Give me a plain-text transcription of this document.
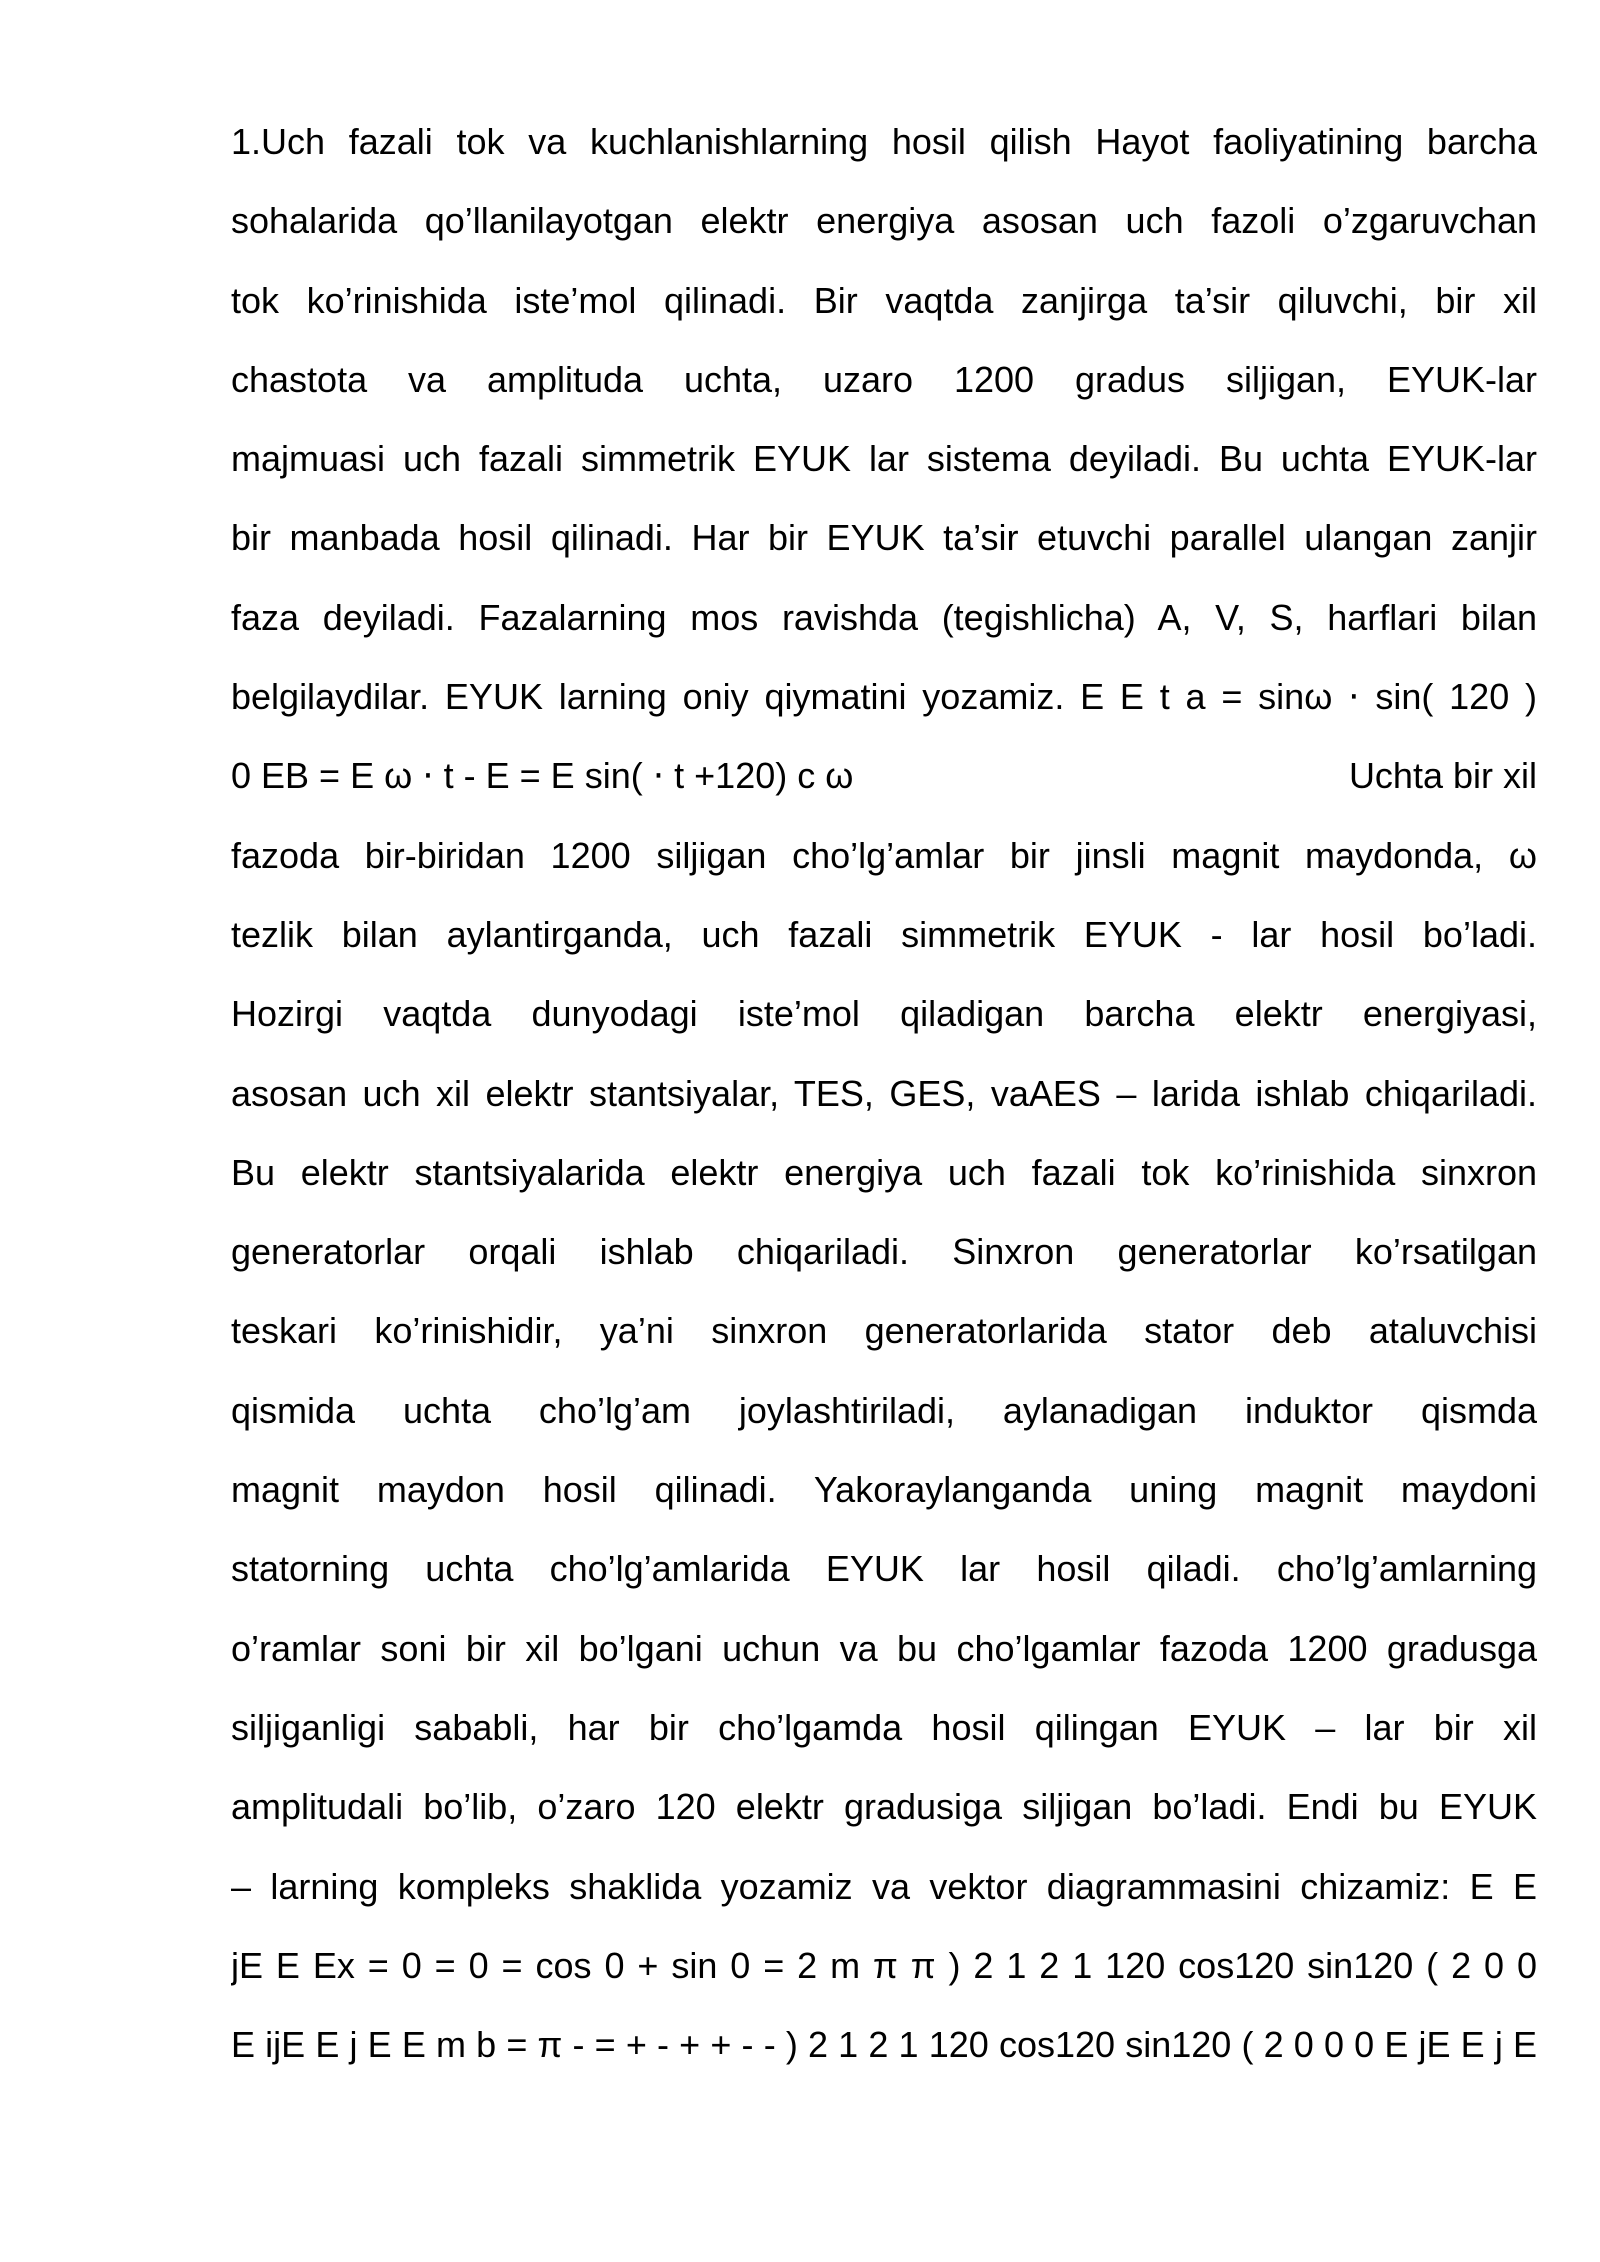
1.Uch fazali tok va kuchlanishlarning hosil qilish Hayot faoliyatining barcha
sohalarida qo’llanilayotgan elektr energiya asosan uch fazoli o’zgaruvchan
tok ko’rinishida iste’mol qilinadi. Bir vaqtda zanjirga ta’sir qiluvchi, bir xil
chastota va amplituda uchta, uzaro 1200 gradus siljigan, EYUK-lar
majmuasi uch fazali simmetrik EYUK lar sistema deyiladi. Bu uchta EYUK-lar
bir manbada hosil qilinadi. Har bir EYUK ta’sir etuvchi parallel ulangan zanjir
faza deyiladi. Fazalarning mos ravishda (tegishlicha) A, V, S, harflari bilan
belgilaydilar. EYUK larning oniy qiymatini yozamiz. E E t a = sinω ⋅ sin( 120 )
0 EB = E ω ⋅ t - E = E sin( ⋅ t +120) c ω	Uchta bir xil
fazoda bir-biridan 1200 siljigan cho’lg’amlar bir jinsli magnit maydonda, ω
tezlik bilan aylantirganda, uch fazali simmetrik EYUK - lar hosil bo’ladi.
Hozirgi vaqtda dunyodagi iste’mol qiladigan barcha elektr energiyasi,
asosan uch xil elektr stantsiyalar, TES, GES, vaAES – larida ishlab chiqariladi.
Bu elektr stantsiyalarida elektr energiya uch fazali tok ko’rinishida sinxron
generatorlar orqali ishlab chiqariladi. Sinxron generatorlar ko’rsatilgan
teskari ko’rinishidir, ya’ni sinxron generatorlarida stator deb ataluvchisi
qismida uchta cho’lg’am joylashtiriladi, aylanadigan induktor qismda
magnit maydon hosil qilinadi. Yakoraylanganda uning magnit maydoni
statorning uchta cho’lg’amlarida EYUK lar hosil qiladi. cho’lg’amlarning
o’ramlar soni bir xil bo’lgani uchun va bu cho’lgamlar fazoda 1200 gradusga
siljiganligi sababli, har bir cho’lgamda hosil qilingan EYUK – lar bir xil
amplitudali bo’lib, o’zaro 120 elektr gradusiga siljigan bo’ladi. Endi bu EYUK
– larning kompleks shaklida yozamiz va vektor diagrammasini chizamiz: E E
jE E Ex = 0 = 0 = cos 0 + sin 0 = 2 m π π ) 2 1 2 1 120 cos120 sin120 ( 2 0 0
E ijE E j E E m b = π - = + - + + - - ) 2 1 2 1 120 cos120 sin120 ( 2 0 0 0 E jE E j E
